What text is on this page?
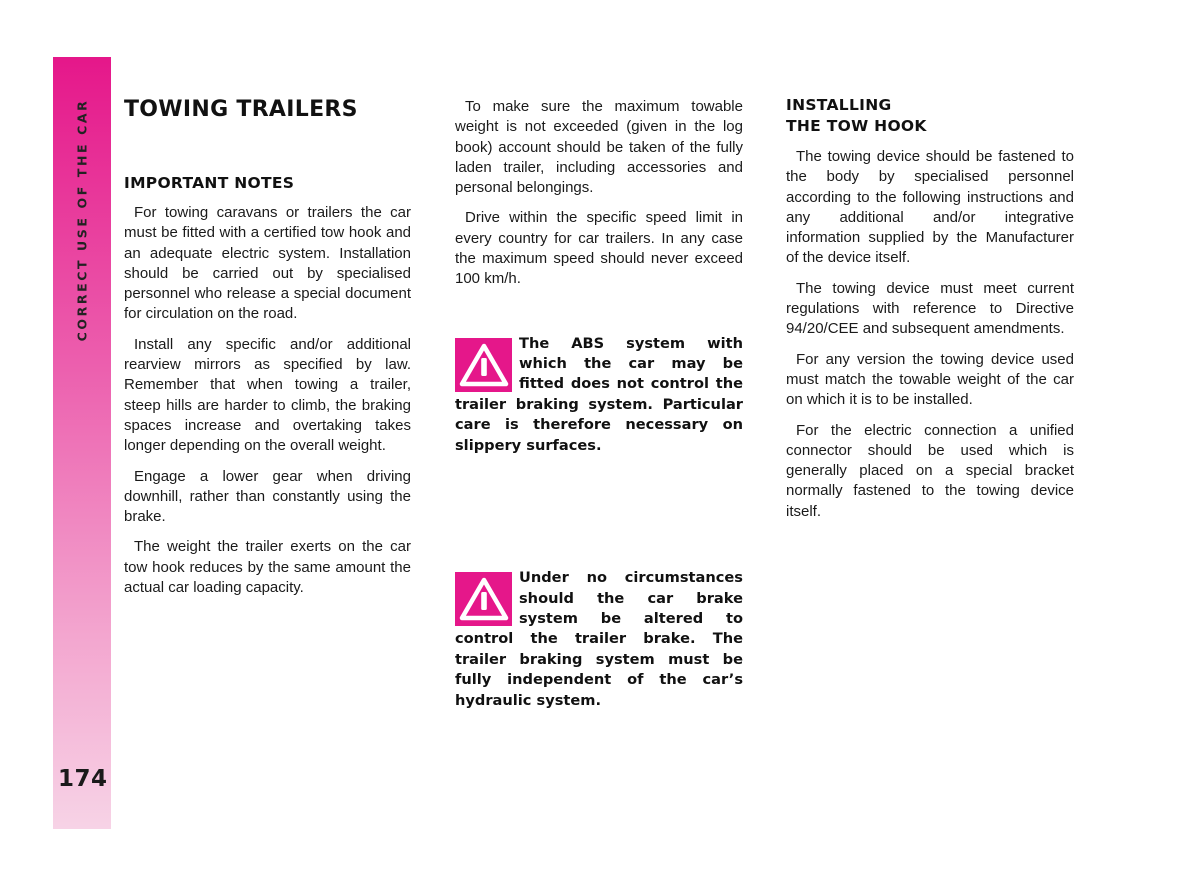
CORRECT USE OF THE CAR
174
TOWING TRAILERS
IMPORTANT NOTES

For towing caravans or trailers the car must be fitted with a certified tow hook and an adequate electric system. Installation should be carried out by specialised personnel who release a special document for circulation on the road.

Install any specific and/or additional rearview mirrors as specified by law. Remember that when towing a trailer, steep hills are harder to climb, the braking spaces increase and overtaking takes longer depending on the overall weight.

Engage a lower gear when driving downhill, rather than constantly using the brake.

The weight the trailer exerts on the car tow hook reduces by the same amount the actual car loading capacity.

To make sure the maximum towable weight is not exceeded (given in the log book) account should be taken of the fully laden trailer, including accessories and personal belongings.

Drive within the specific speed limit in every country for car trailers. In any case the maximum speed should never exceed 100 km/h.

The ABS system with which the car may be fitted does not control the trailer braking system. Particular care is therefore necessary on slippery surfaces.
Under no circumstances should the car brake system be altered to control the trailer brake. The trailer braking system must be fully independent of the car’s hydraulic system.
INSTALLING
THE TOW HOOK

The towing device should be fastened to the body by specialised personnel according to the following instructions and any additional and/or integrative information supplied by the Manufacturer of the device itself.

The towing device must meet current regulations with reference to Directive 94/20/CEE and subsequent amendments.

For any version the towing device used must match the towable weight of the car on which it is to be installed.

For the electric connection a unified connector should be used which is generally placed on a special bracket normally fastened to the towing device itself.
